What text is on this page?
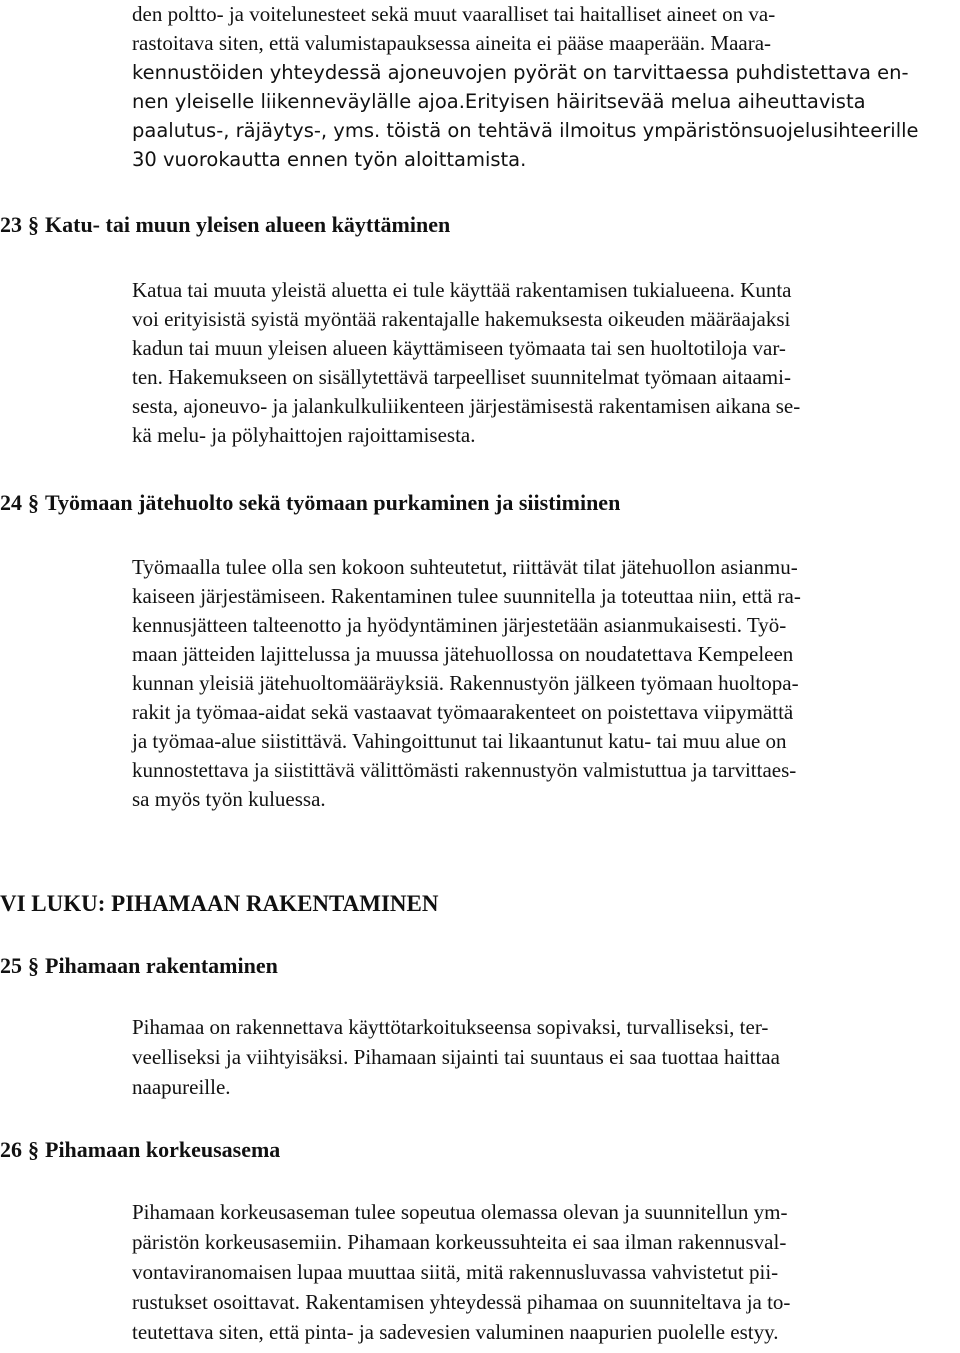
den poltto- ja voitelunesteet sekä muut vaaralliset tai haitalliset aineet on va-
rastoitava siten, että valumistapauksessa aineita ei pääse maaperään. Maara-
kennustöiden yhteydessä ajoneuvojen pyörät on tarvittaessa puhdistettava en-
nen yleiselle liikenneväylälle ajoa.Erityisen häiritsevää melua aiheuttavista
paalutus-, räjäytys-, yms. töistä on tehtävä ilmoitus ympäristönsuojelusihteerille
30 vuorokautta ennen työn aloittamista.
23 § Katu- tai muun yleisen alueen käyttäminen
Katua tai muuta yleistä aluetta ei tule käyttää rakentamisen tukialueena. Kunta
voi erityisistä syistä myöntää rakentajalle hakemuksesta oikeuden määräajaksi
kadun tai muun yleisen alueen käyttämiseen työmaata tai sen huoltotiloja var-
ten. Hakemukseen on sisällytettävä tarpeelliset suunnitelmat työmaan aitaami-
sesta, ajoneuvo- ja jalankulkuliikenteen järjestämisestä rakentamisen aikana se-
kä melu- ja pölyhaittojen rajoittamisesta.
24 § Työmaan jätehuolto sekä työmaan purkaminen ja siistiminen
Työmaalla tulee olla sen kokoon suhteutetut, riittävät tilat jätehuollon asianmu-
kaiseen järjestämiseen. Rakentaminen tulee suunnitella ja toteuttaa niin, että ra-
kennusjätteen talteenotto ja hyödyntäminen järjestetään asianmukaisesti. Työ-
maan jätteiden lajittelussa ja muussa jätehuollossa on noudatettava Kempeleen
kunnan yleisiä jätehuoltomääräyksiä. Rakennustyön jälkeen työmaan huoltopa-
rakit ja työmaa-aidat sekä vastaavat työmaarakenteet on poistettava viipymättä
ja työmaa-alue siistittävä. Vahingoittunut tai likaantunut katu- tai muu alue on
kunnostettava ja siistittävä välittömästi rakennustyön valmistuttua ja tarvittaes-
sa myös työn kuluessa.
VI LUKU: PIHAMAAN RAKENTAMINEN
25 § Pihamaan rakentaminen
Pihamaa on rakennettava käyttötarkoitukseensa sopivaksi, turvalliseksi, ter-
veelliseksi ja viihtyisäksi. Pihamaan sijainti tai suuntaus ei saa tuottaa haittaa
naapureille.
26 § Pihamaan korkeusasema
Pihamaan korkeusaseman tulee sopeutua olemassa olevan ja suunnitellun ym-
päristön korkeusasemiin. Pihamaan korkeussuhteita ei saa ilman rakennusval-
vontaviranomaisen lupaa muuttaa siitä, mitä rakennusluvassa vahvistetut pii-
rustukset osoittavat. Rakentamisen yhteydessä pihamaa on suunniteltava ja to-
teutettava siten, että pinta- ja sadevesien valuminen naapurien puolelle estyy.
